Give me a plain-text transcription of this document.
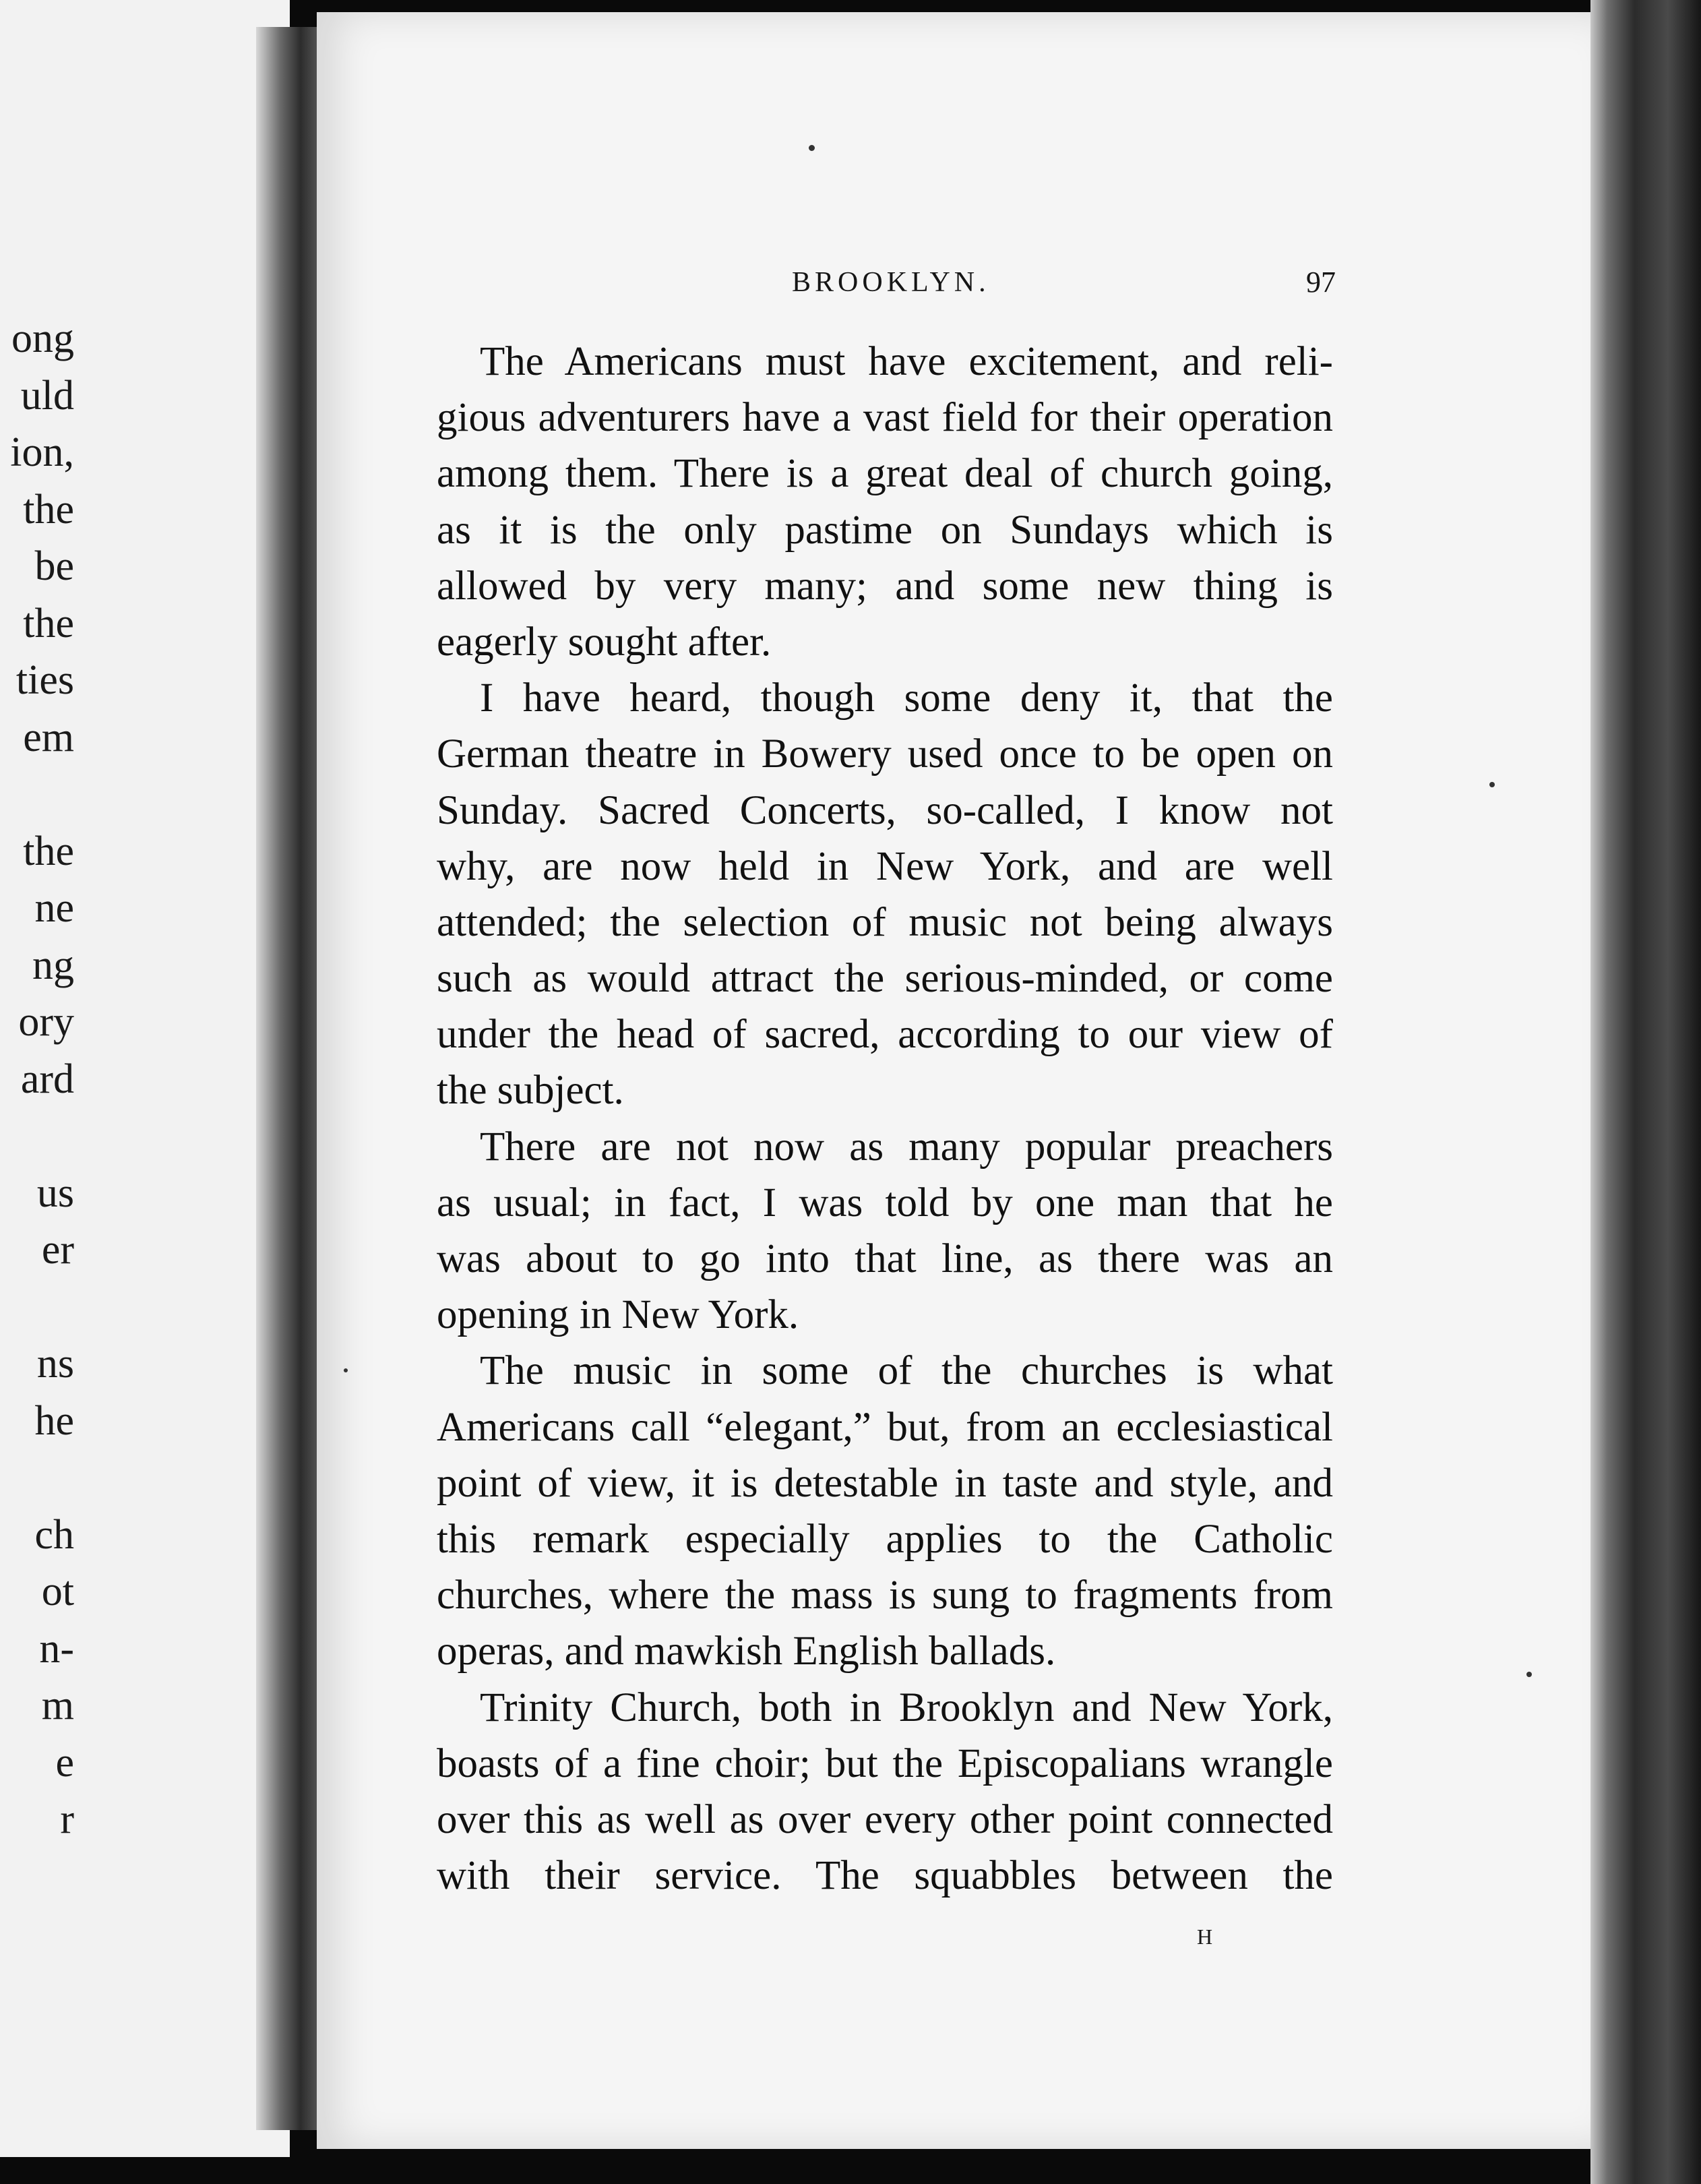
ong
uld
ion,
the
be
the
ties
em
the
ne
ng
ory
ard
us
er
ns
he
ch
ot
n-
m
e
r
BROOKLYN.	97
The Americans must have excitement, and reli-
gious adventurers have a vast field for their operation
among them. There is a great deal of church going,
as it is the only pastime on Sundays which is
allowed by very many; and some new thing is
eagerly sought after.
I have heard, though some deny it, that the
German theatre in Bowery used once to be open on
Sunday. Sacred Concerts, so-called, I know not
why, are now held in New York, and are well
attended; the selection of music not being always
such as would attract the serious-minded, or come
under the head of sacred, according to our view of
the subject.
There are not now as many popular preachers
as usual; in fact, I was told by one man that he
was about to go into that line, as there was an
opening in New York.
The music in some of the churches is what
Americans call “elegant,” but, from an ecclesiastical
point of view, it is detestable in taste and style, and
this remark especially applies to the Catholic
churches, where the mass is sung to fragments from
operas, and mawkish English ballads.
Trinity Church, both in Brooklyn and New York,
boasts of a fine choir; but the Episcopalians wrangle
over this as well as over every other point connected
with their service. The squabbles between the
H
